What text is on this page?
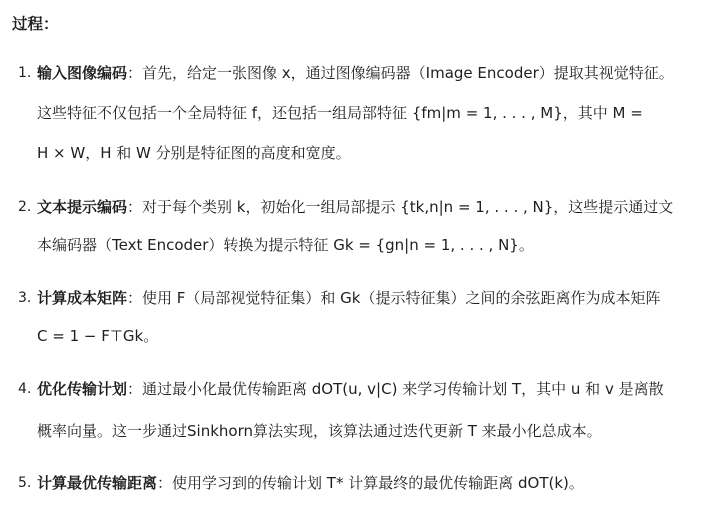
过程：
1. 输入图像编码：首先，给定一张图像 x，通过图像编码器（Image Encoder）提取其视觉特征。
这些特征不仅包括一个全局特征 f，还包括一组局部特征 {fm|m = 1, . . . , M}，其中 M =
H × W，H 和 W 分别是特征图的高度和宽度。
2. 文本提示编码：对于每个类别 k，初始化一组局部提示 {tk,n|n = 1, . . . , N}，这些提示通过文
本编码器（Text Encoder）转换为提示特征 Gk = {gn|n = 1, . . . , N}。
3. 计算成本矩阵：使用 F（局部视觉特征集）和 Gk（提示特征集）之间的余弦距离作为成本矩阵
C = 1 − F⊤Gk。
4. 优化传输计划：通过最小化最优传输距离 dOT(u, v|C) 来学习传输计划 T，其中 u 和 v 是离散
概率向量。这一步通过Sinkhorn算法实现，该算法通过迭代更新 T 来最小化总成本。
5. 计算最优传输距离：使用学习到的传输计划 T* 计算最终的最优传输距离 dOT(k)。
